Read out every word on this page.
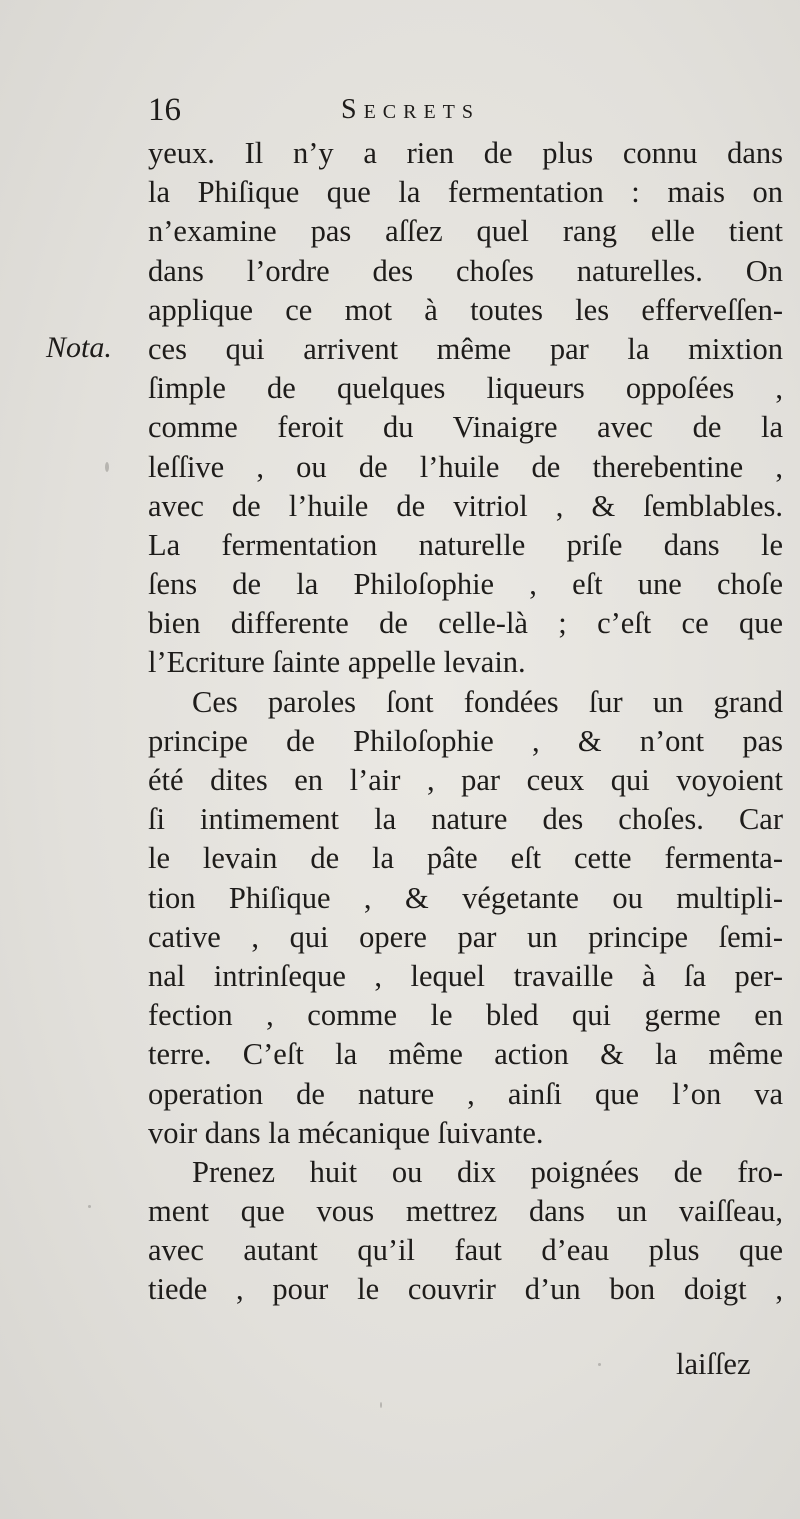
16	Secrets
Nota.
yeux. Il n’y a rien de plus connu dans
la Phiſique que la fermentation : mais on
n’examine pas aſſez quel rang elle tient
dans l’ordre des choſes naturelles. On
applique ce mot à toutes les efferveſſen-
ces qui arrivent même par la mixtion
ſimple de quelques liqueurs oppoſées ,
comme feroit du Vinaigre avec de la
leſſive , ou de l’huile de therebentine ,
avec de l’huile de vitriol , & ſemblables.
La fermentation naturelle priſe dans le
ſens de la Philoſophie , eſt une choſe
bien differente de celle-là ; c’eſt ce que
l’Ecriture ſainte appelle levain.
Ces paroles ſont fondées ſur un grand
principe de Philoſophie , & n’ont pas
été dites en l’air , par ceux qui voyoient
ſi intimement la nature des choſes. Car
le levain de la pâte eſt cette fermenta-
tion Phiſique , & végetante ou multipli-
cative , qui opere par un principe ſemi-
nal intrinſeque , lequel travaille à ſa per-
fection , comme le bled qui germe en
terre. C’eſt la même action & la même
operation de nature , ainſi que l’on va
voir dans la mécanique ſuivante.
Prenez huit ou dix poignées de fro-
ment que vous mettrez dans un vaiſſeau,
avec autant qu’il faut d’eau plus que
tiede , pour le couvrir d’un bon doigt ,
laiſſez
